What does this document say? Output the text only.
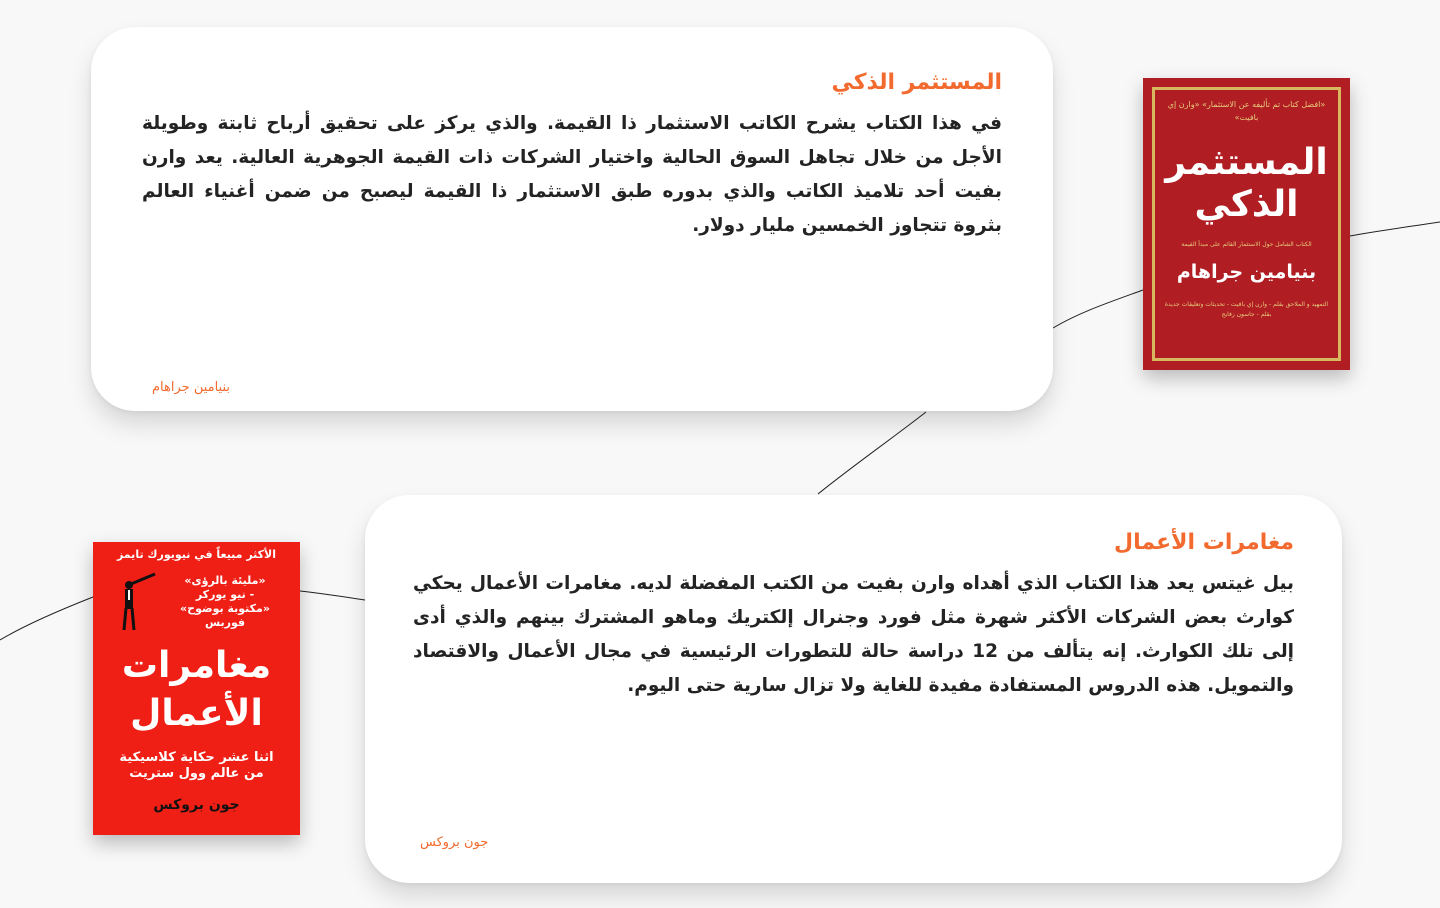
المستثمر الذكي

في هذا الكتاب يشرح الكاتب الاستثمار ذا القيمة. والذي يركز على تحقيق أرباح ثابتة وطويلة الأجل من خلال تجاهل السوق الحالية واختيار الشركات ذات القيمة الجوهرية العالية. يعد وارن بفيت أحد تلاميذ الكاتب والذي بدوره طبق الاستثمار ذا القيمة ليصبح من ضمن أغنياء العالم بثروة تتجاوز الخمسين مليار دولار.

بنيامين جراهام
«افضل كتاب تم تأليفه عن الاستثمار» «وارن إي بافيت»
المستثمر
الذكي
الكتاب الشامل حول الاستثمار القائم على مبدأ القيمة
بنيامين جراهام
التمهيد و الملاحق بقلم - وارن إي بافيت - تحديثات وتعليقات جديدة بقلم - جاسون زفايج
مغامرات الأعمال

بيل غيتس يعد هذا الكتاب الذي أهداه وارن بفيت من الكتب المفضلة لديه. مغامرات الأعمال يحكي كوارث بعض الشركات الأكثر شهرة مثل فورد وجنرال إلكتريك وماهو المشترك بينهم والذي أدى إلى تلك الكوارث. إنه يتألف من 12 دراسة حالة للتطورات الرئيسية في مجال الأعمال والاقتصاد والتمويل. هذه الدروس المستفادة مفيدة للغاية ولا تزال سارية حتى اليوم.

جون بروكس
الأكثر مبيعاً في نيويورك تايمز
«مليئة بالرؤى»
- نيو يوركر
«مكتوبة بوضوح»
فوربس
مغامرات
الأعمال
اثنا عشر حكاية كلاسيكية
من عالم وول ستريت
جون بروكس
